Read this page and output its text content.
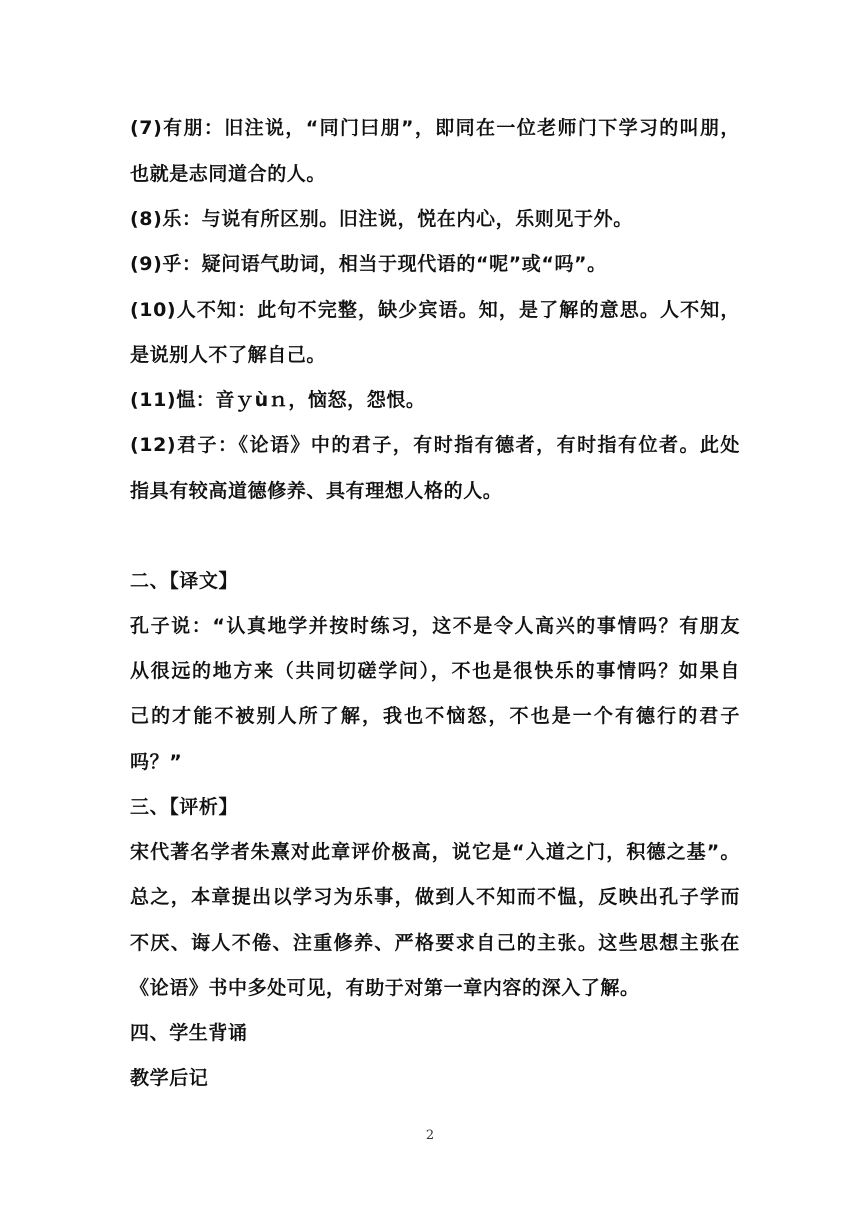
(7)有朋：旧注说，“同门曰朋”，即同在一位老师门下学习的叫朋，
也就是志同道合的人。
(8)乐：与说有所区别。旧注说，悦在内心，乐则见于外。
(9)乎：疑问语气助词，相当于现代语的“呢”或“吗”。
(10)人不知：此句不完整，缺少宾语。知，是了解的意思。人不知，
是说别人不了解自己。
(11)愠：音ｙùｎ，恼怒，怨恨。
(12)君子：《论语》中的君子，有时指有德者，有时指有位者。此处
指具有较高道德修养、具有理想人格的人。
二、【译文】
孔子说：“认真地学并按时练习，这不是令人高兴的事情吗？有朋友
从很远的地方来（共同切磋学问），不也是很快乐的事情吗？如果自
己的才能不被别人所了解，我也不恼怒，不也是一个有德行的君子
吗？”
三、【评析】
宋代著名学者朱熹对此章评价极高，说它是“入道之门，积德之基”。
总之，本章提出以学习为乐事，做到人不知而不愠，反映出孔子学而
不厌、诲人不倦、注重修养、严格要求自己的主张。这些思想主张在
《论语》书中多处可见，有助于对第一章内容的深入了解。
四、学生背诵
教学后记
2
